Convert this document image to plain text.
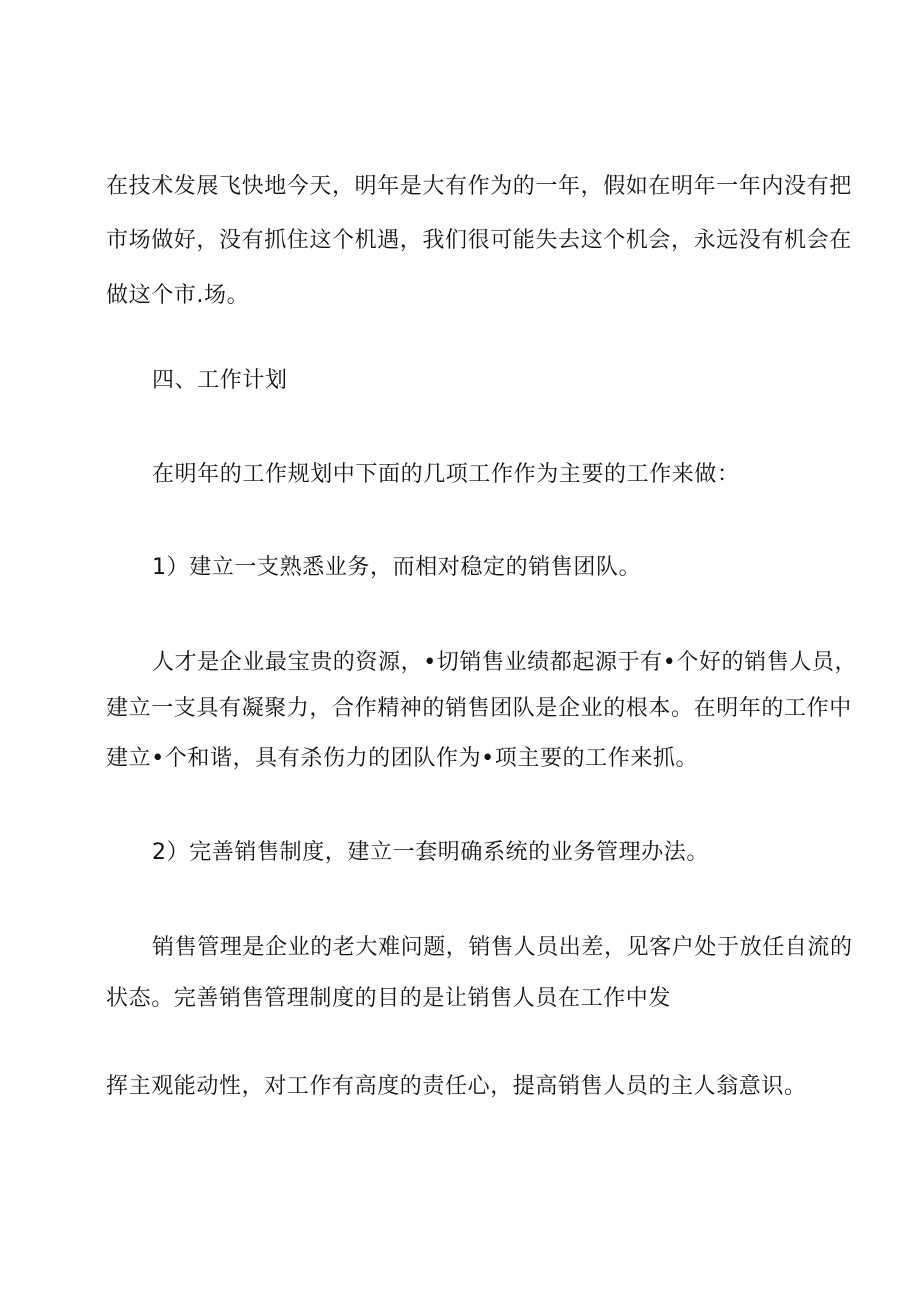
在技术发展飞快地今天，明年是大有作为的一年，假如在明年一年内没有把

市场做好，没有抓住这个机遇，我们很可能失去这个机会，永远没有机会在

做这个市.场。

四、工作计划

在明年的工作规划中下面的几项工作作为主要的工作来做：

1）建立一支熟悉业务，而相对稳定的销售团队。

人才是企业最宝贵的资源，•切销售业绩都起源于有•个好的销售人员，

建立一支具有凝聚力，合作精神的销售团队是企业的根本。在明年的工作中

建立•个和谐，具有杀伤力的团队作为•项主要的工作来抓。

2）完善销售制度，建立一套明确系统的业务管理办法。

销售管理是企业的老大难问题，销售人员出差，见客户处于放任自流的

状态。完善销售管理制度的目的是让销售人员在工作中发

挥主观能动性，对工作有高度的责任心，提高销售人员的主人翁意识。
